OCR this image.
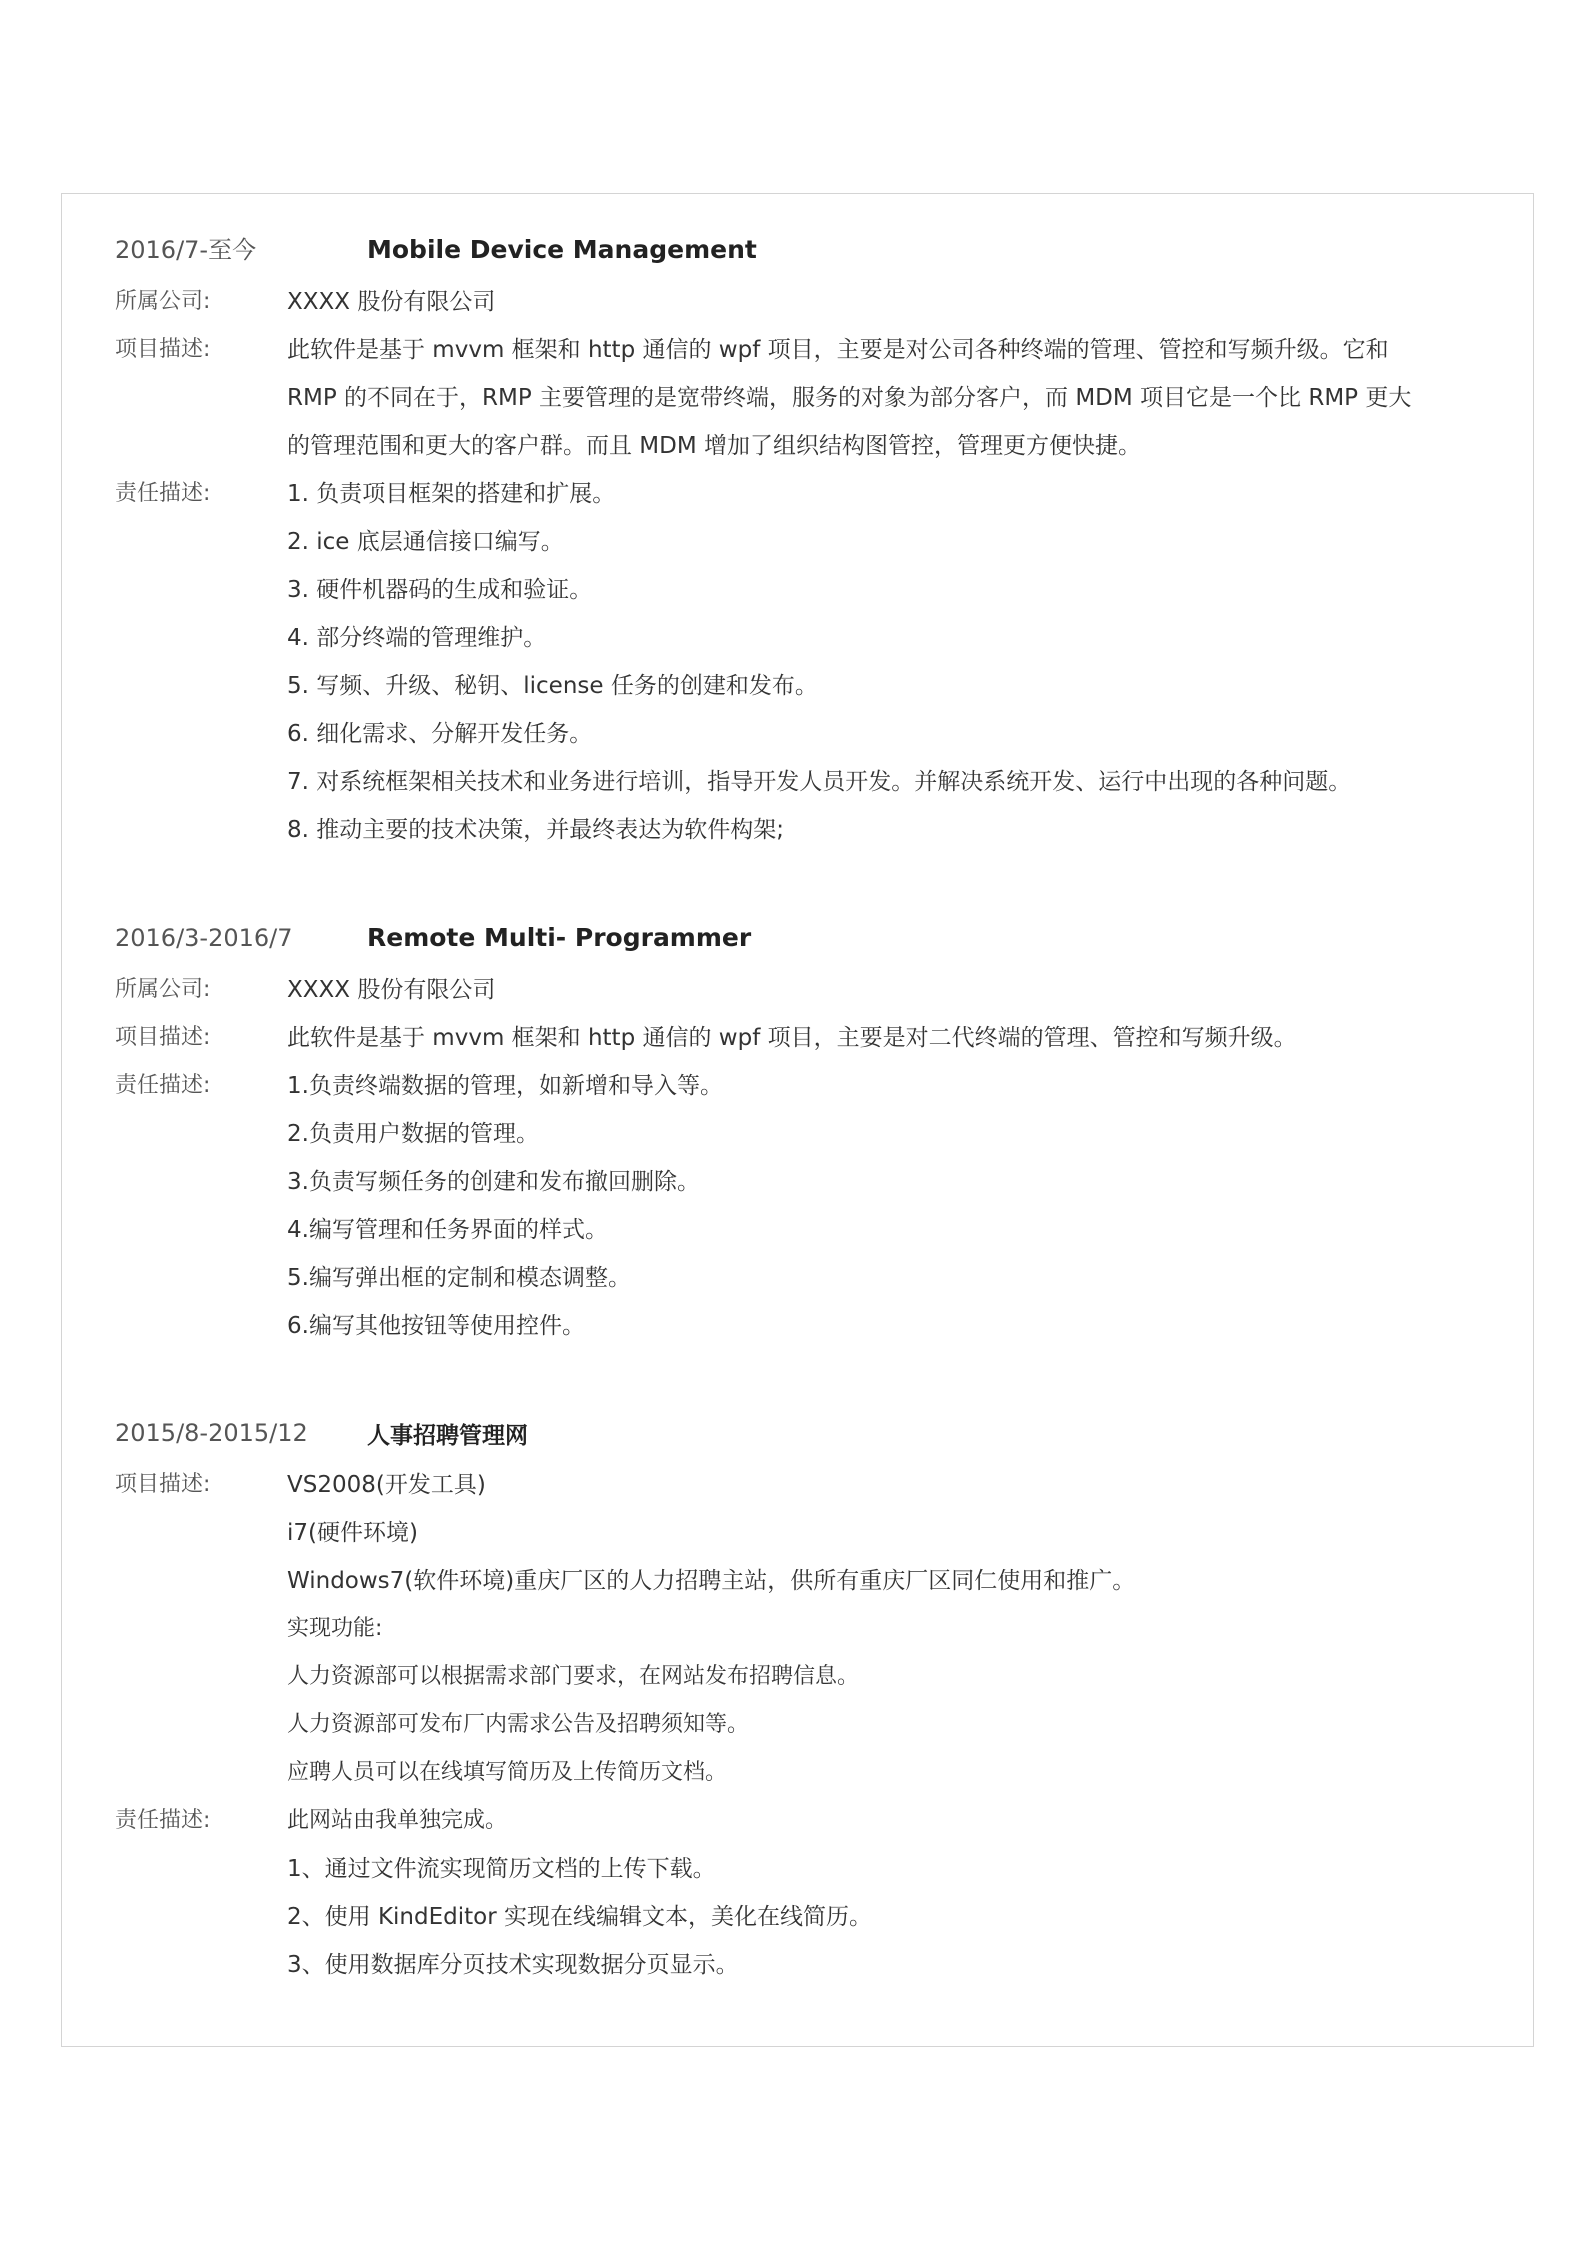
2016/7-至今	Mobile Device Management
所属公司:	XXXX 股份有限公司
项目描述:	此软件是基于 mvvm 框架和 http 通信的 wpf 项目，主要是对公司各种终端的管理、管控和写频升级。它和
RMP 的不同在于，RMP 主要管理的是宽带终端，服务的对象为部分客户，而 MDM 项目它是一个比 RMP 更大
的管理范围和更大的客户群。而且 MDM 增加了组织结构图管控，管理更方便快捷。
责任描述:	1. 负责项目框架的搭建和扩展。
2. ice 底层通信接口编写。
3. 硬件机器码的生成和验证。
4. 部分终端的管理维护。
5. 写频、升级、秘钥、license 任务的创建和发布。
6. 细化需求、分解开发任务。
7. 对系统框架相关技术和业务进行培训，指导开发人员开发。并解决系统开发、运行中出现的各种问题。
8. 推动主要的技术决策，并最终表达为软件构架;
2016/3-2016/7	Remote Multi- Programmer
所属公司:	XXXX 股份有限公司
项目描述:	此软件是基于 mvvm 框架和 http 通信的 wpf 项目，主要是对二代终端的管理、管控和写频升级。
责任描述:	1.负责终端数据的管理，如新增和导入等。
2.负责用户数据的管理。
3.负责写频任务的创建和发布撤回删除。
4.编写管理和任务界面的样式。
5.编写弹出框的定制和模态调整。
6.编写其他按钮等使用控件。
2015/8-2015/12	人事招聘管理网
项目描述:	VS2008(开发工具)
i7(硬件环境)
Windows7(软件环境)重庆厂区的人力招聘主站，供所有重庆厂区同仁使用和推广。
实现功能:
人力资源部可以根据需求部门要求，在网站发布招聘信息。
人力资源部可发布厂内需求公告及招聘须知等。
应聘人员可以在线填写简历及上传简历文档。
责任描述:	此网站由我单独完成。
1、通过文件流实现简历文档的上传下载。
2、使用 KindEditor 实现在线编辑文本，美化在线简历。
3、使用数据库分页技术实现数据分页显示。
